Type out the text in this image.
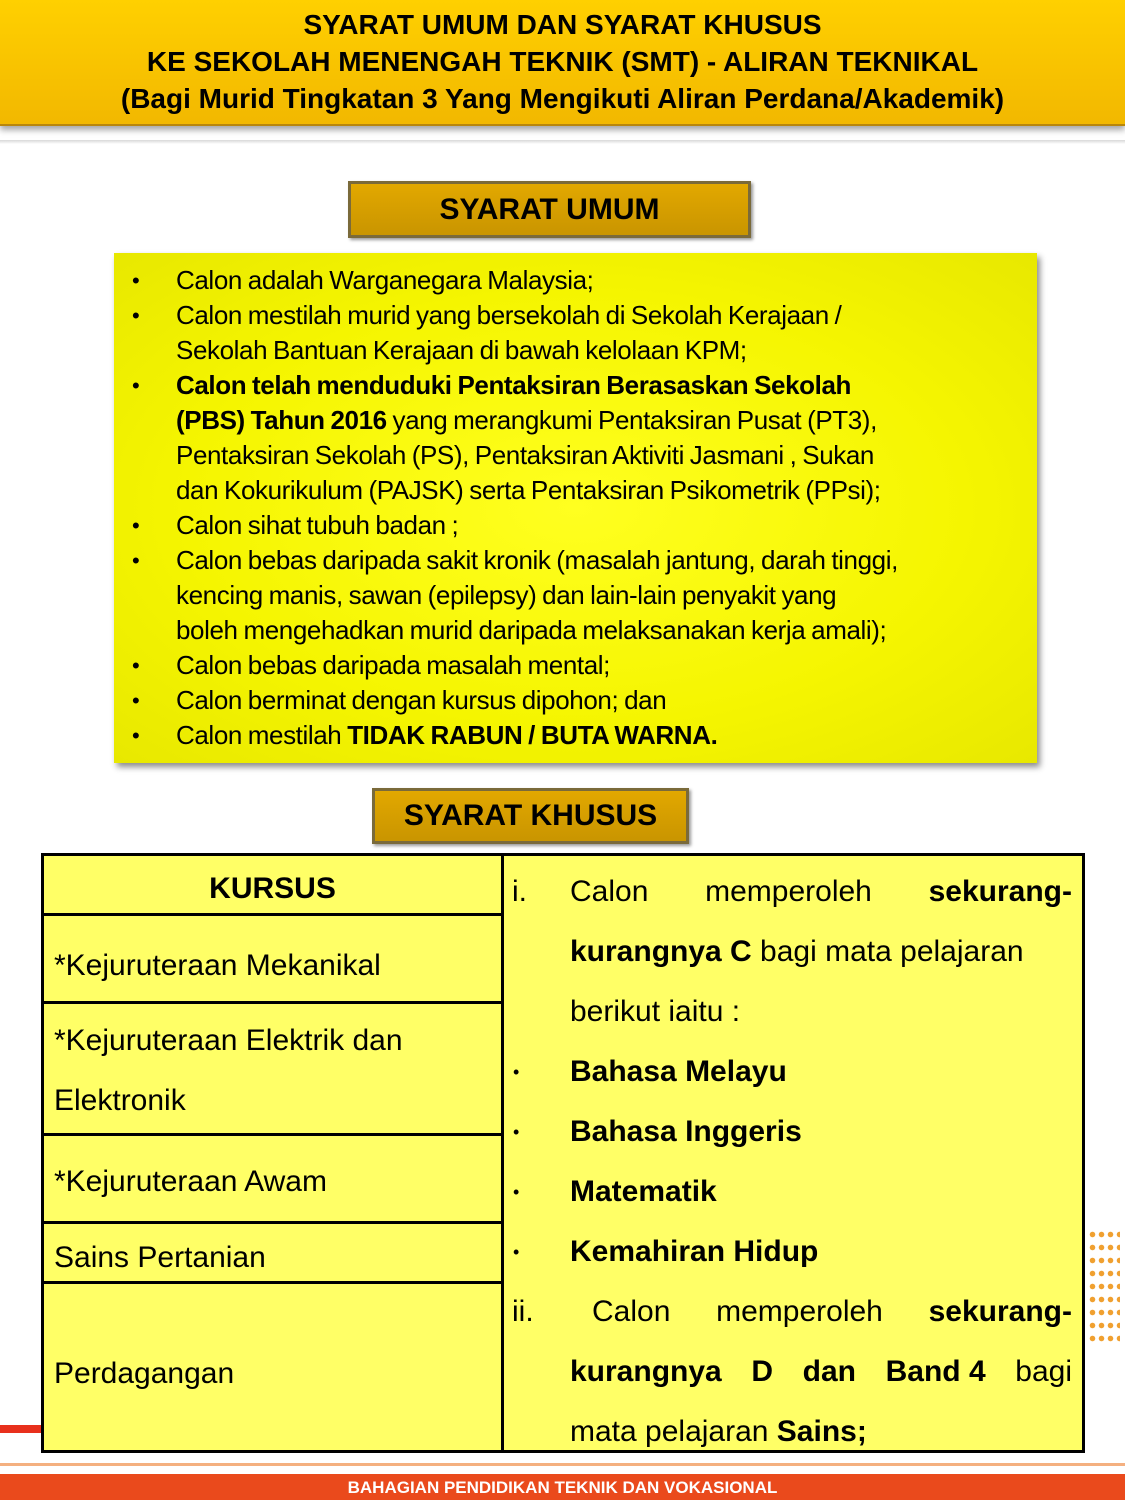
SYARAT UMUM DAN SYARAT KHUSUS
KE SEKOLAH MENENGAH TEKNIK (SMT) - ALIRAN TEKNIKAL
(Bagi Murid Tingkatan 3 Yang Mengikuti Aliran Perdana/Akademik)
SYARAT UMUM
• Calon adalah Warganegara Malaysia;
• Calon mestilah murid yang bersekolah di Sekolah Kerajaan /
Sekolah Bantuan Kerajaan di bawah kelolaan KPM;
• Calon telah menduduki Pentaksiran Berasaskan Sekolah
(PBS) Tahun 2016 yang merangkumi Pentaksiran Pusat (PT3),
Pentaksiran Sekolah (PS), Pentaksiran Aktiviti Jasmani , Sukan
dan Kokurikulum (PAJSK) serta Pentaksiran Psikometrik (PPsi);
• Calon sihat tubuh badan ;
• Calon bebas daripada sakit kronik (masalah jantung, darah tinggi,
kencing manis, sawan (epilepsy) dan lain-lain penyakit yang
boleh mengehadkan murid daripada melaksanakan kerja amali);
• Calon bebas daripada masalah mental;
• Calon berminat dengan kursus dipohon; dan
• Calon mestilah TIDAK RABUN / BUTA WARNA.
SYARAT KHUSUS
KURSUS
*Kejuruteraan Mekanikal
*Kejuruteraan Elektrik dan
Elektronik
*Kejuruteraan Awam
Sains Pertanian
Perdagangan
i. Calon memperoleh sekurang-
kurangnya C bagi mata pelajaran
berikut iaitu :
• Bahasa Melayu
• Bahasa Inggeris
• Matematik
• Kemahiran Hidup
ii. Calon memperoleh sekurang-
kurangnya D dan Band 4 bagi
mata pelajaran Sains;
BAHAGIAN PENDIDIKAN TEKNIK DAN VOKASIONAL
